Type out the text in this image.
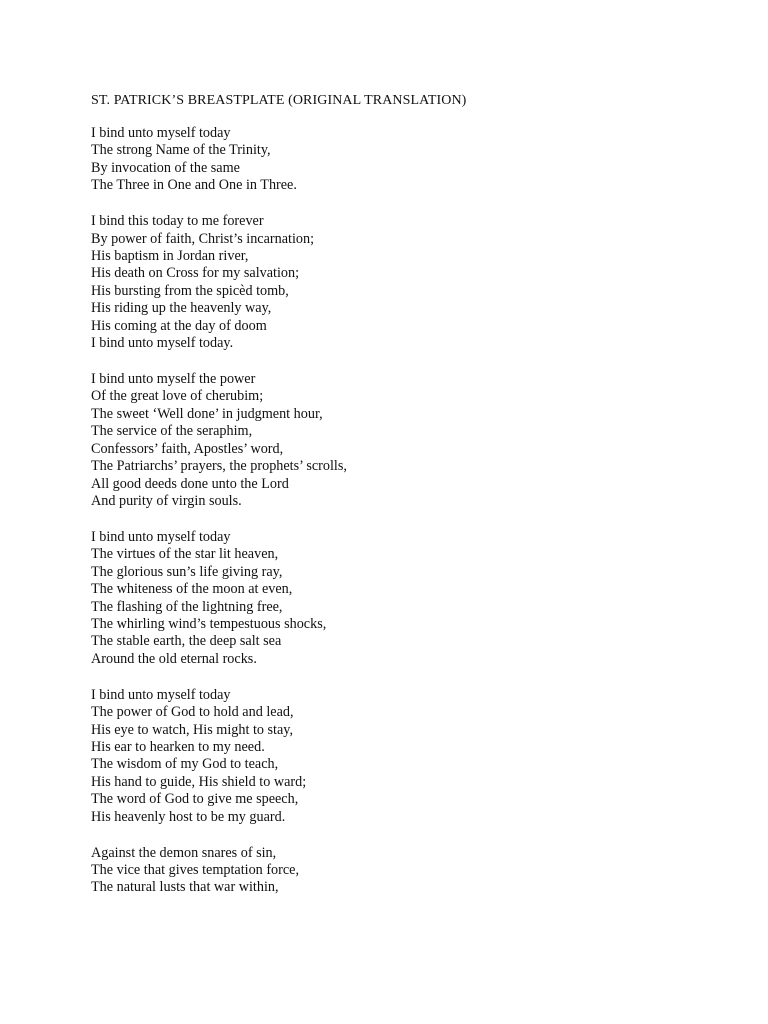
ST. PATRICK’S BREASTPLATE (ORIGINAL TRANSLATION)
I bind unto myself today
The strong Name of the Trinity,
By invocation of the same
The Three in One and One in Three.
I bind this today to me forever
By power of faith, Christ’s incarnation;
His baptism in Jordan river,
His death on Cross for my salvation;
His bursting from the spicèd tomb,
His riding up the heavenly way,
His coming at the day of doom
I bind unto myself today.
I bind unto myself the power
Of the great love of cherubim;
The sweet ‘Well done’ in judgment hour,
The service of the seraphim,
Confessors’ faith, Apostles’ word,
The Patriarchs’ prayers, the prophets’ scrolls,
All good deeds done unto the Lord
And purity of virgin souls.
I bind unto myself today
The virtues of the star lit heaven,
The glorious sun’s life giving ray,
The whiteness of the moon at even,
The flashing of the lightning free,
The whirling wind’s tempestuous shocks,
The stable earth, the deep salt sea
Around the old eternal rocks.
I bind unto myself today
The power of God to hold and lead,
His eye to watch, His might to stay,
His ear to hearken to my need.
The wisdom of my God to teach,
His hand to guide, His shield to ward;
The word of God to give me speech,
His heavenly host to be my guard.
Against the demon snares of sin,
The vice that gives temptation force,
The natural lusts that war within,
